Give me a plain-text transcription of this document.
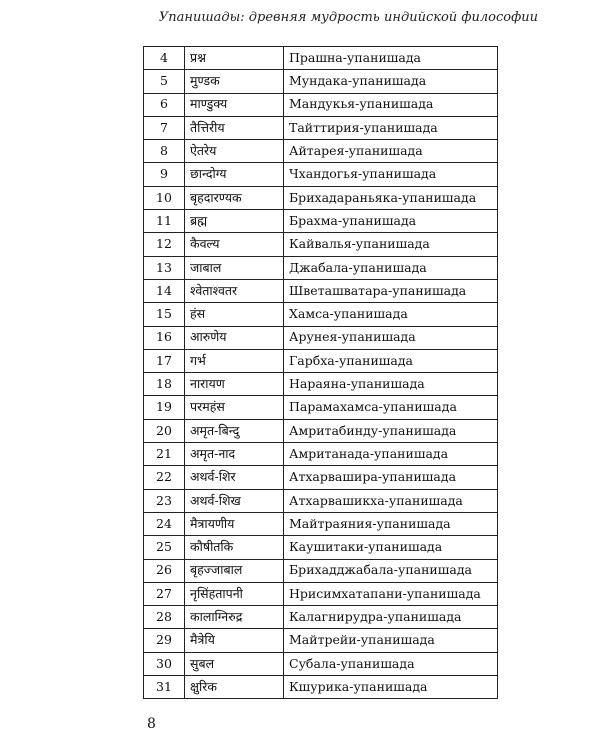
Упанишады: древняя мудрость индийской философии
4	प्रश्न	Прашна-упанишада
5	मुण्डक	Мундака-упанишада
6	माण्डुक्य	Мандукья-упанишада
7	तैत्तिरीय	Тайттирия-упанишада
8	ऐतरेय	Айтарея-упанишада
9	छान्दोग्य	Чхандогья-упанишада
10	बृहदारण्यक	Брихадараньяка-упанишада
11	ब्रह्म	Брахма-упанишада
12	कैवल्य	Кайвалья-упанишада
13	जाबाल	Джабала-упанишада
14	श्वेताश्वतर	Шветашватара-упанишада
15	हंस	Хамса-упанишада
16	आरुणेय	Арунея-упанишада
17	गर्भ	Гарбха-упанишада
18	नारायण	Нараяна-упанишада
19	परमहंस	Парамахамса-упанишада
20	अमृत-बिन्दु	Амритабинду-упанишада
21	अमृत-नाद	Амританада-упанишада
22	अथर्व-शिर	Атхарвашира-упанишада
23	अथर्व-शिख	Атхарвашикха-упанишада
24	मैत्रायणीय	Майтраяния-упанишада
25	कौषीतकि	Каушитаки-упанишада
26	बृहज्जाबाल	Брихадджабала-упанишада
27	नृसिंहतापनी	Нрисимхатапани-упанишада
28	कालाग्निरुद्र	Калагнирудра-упанишада
29	मैत्रेयि	Майтрейи-упанишада
30	सुबल	Субала-упанишада
31	क्षुरिक	Кшурика-упанишада
8
